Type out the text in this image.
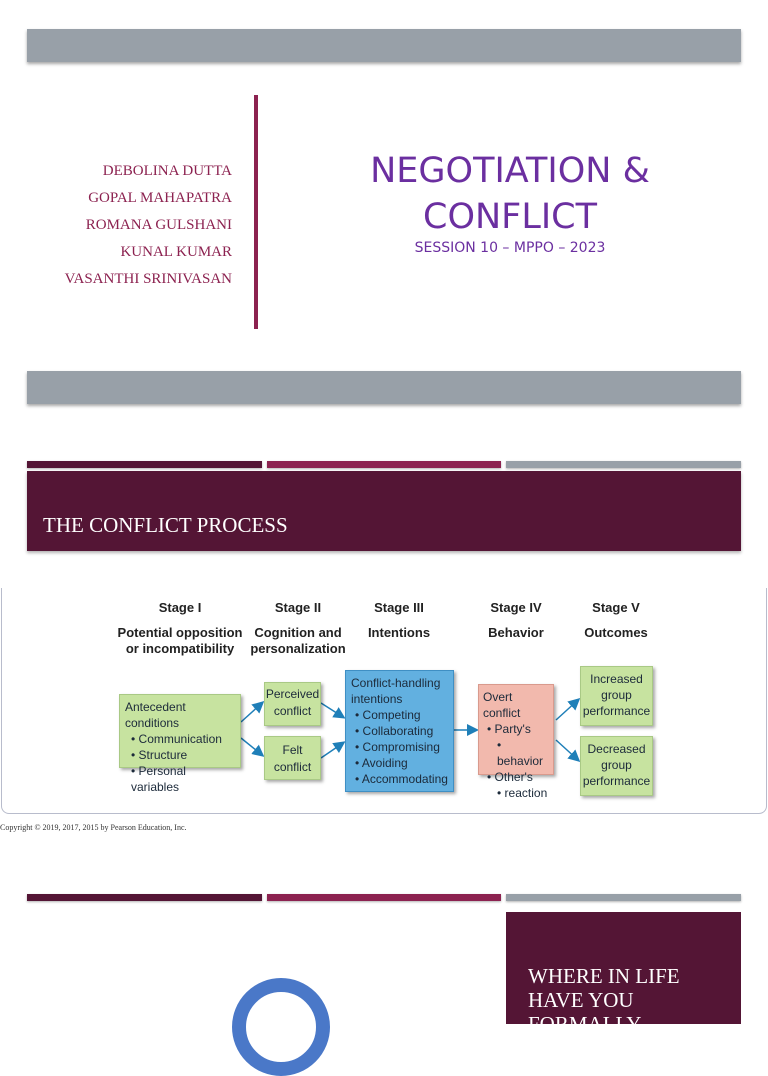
DEBOLINA DUTTA
GOPAL MAHAPATRA
ROMANA GULSHANI
KUNAL KUMAR
VASANTHI SRINIVASAN
NEGOTIATION &
CONFLICT
SESSION 10 – MPPO – 2023
THE CONFLICT PROCESS
Stage I
Potential opposition
or incompatibility
Stage II
Cognition and
personalization
Stage III
Intentions
Stage IV
Behavior
Stage V
Outcomes
Antecedent conditions
• Communication
• Structure
• Personal variables
Perceived
conflict
Felt
conflict
Conflict-handling
intentions
• Competing
• Collaborating
• Compromising
• Avoiding
• Accommodating
Overt conflict
• Party's
• behavior
• Other's
• reaction
Increased
group
performance
Decreased
group
performance
Copyright © 2019, 2017, 2015 by Pearson Education, Inc.
WHERE IN LIFE
HAVE YOU
FORMALLY
